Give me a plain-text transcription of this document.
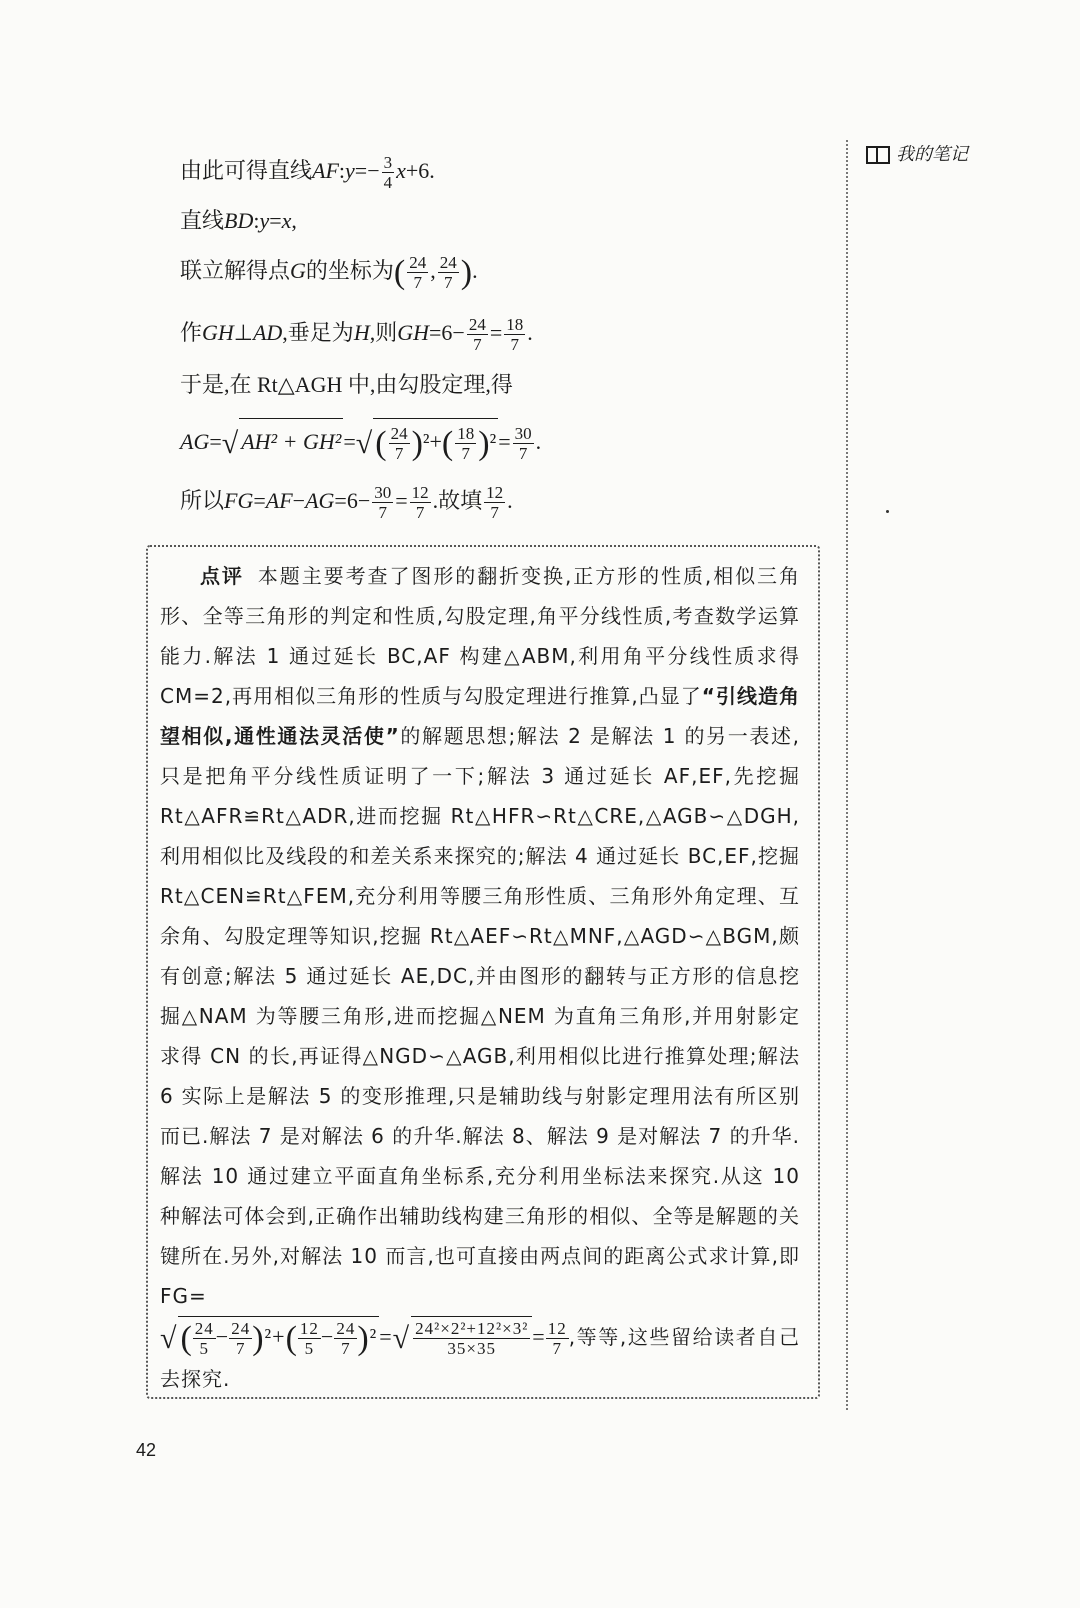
由此可得直线AF:y=− $\frac{3}{4} x+6$.
直线BD:y=x,
联立解得点G的坐标为( $\frac{24}{7}$ , $\frac{24}{7}$ ).
作GH⊥AD,垂足为H,则$GH=6- \frac{24}{7} = \frac{18}{7}$ .
于是,在 Rt△AGH 中,由勾股定理,得
AG=√ $AH^2 + GH^2=√( \frac{24}{7} )^2+( \frac{18}{7} )^2= \frac{30}{7}$ .
所以$FG=AF-AG=6- \frac{30}{7} = \frac{12}{7}$ .故填 $\frac{12}{7}$ .
点评 本题主要考查了图形的翻折变换,正方形的性质,相似三角形、全等三角形的判定和性质,勾股定理,角平分线性质,考查数学运算能力.解法 1 通过延长 BC,AF 构建△ABM,利用角平分线性质求得 CM=2,再用相似三角形的性质与勾股定理进行推算,凸显了“引线造角望相似,通性通法灵活使”的解题思想;解法 2 是解法 1 的另一表述,只是把角平分线性质证明了一下;解法 3 通过延长 AF,EF,先挖掘 Rt△AFR≌Rt△ADR,进而挖掘 Rt△HFR∽Rt△CRE,△AGB∽△DGH,利用相似比及线段的和差关系来探究的;解法 4 通过延长 BC,EF,挖掘 Rt△CEN≌Rt△FEM,充分利用等腰三角形性质、三角形外角定理、互余角、勾股定理等知识,挖掘 Rt△AEF∽Rt△MNF,△AGD∽△BGM,颇有创意;解法 5 通过延长 AE,DC,并由图形的翻转与正方形的信息挖掘△NAM 为等腰三角形,进而挖掘△NEM 为直角三角形,并用射影定求得 CN 的长,再证得△NGD∽△AGB,利用相似比进行推算处理;解法 6 实际上是解法 5 的变形推理,只是辅助线与射影定理用法有所区别而已.解法 7 是对解法 6 的升华.解法 8、解法 9 是对解法 7 的升华.解法 10 通过建立平面直角坐标系,充分利用坐标法来探究.从这 10 种解法可体会到,正确作出辅助线构建三角形的相似、全等是解题的关键所在.另外,对解法 10 而言,也可直接由两点间的距离公式求计算,即 FG=
√( $\frac{24}{5} - \frac{24}{7} )^2+( \frac{12}{5} - \frac{24}{7} )^2=√ \frac{\text{24²×2²+12²×3²}}{35\times 35} = \frac{12}{7}$ ,等等,这些留给读者自己去探究.
我的笔记
42
